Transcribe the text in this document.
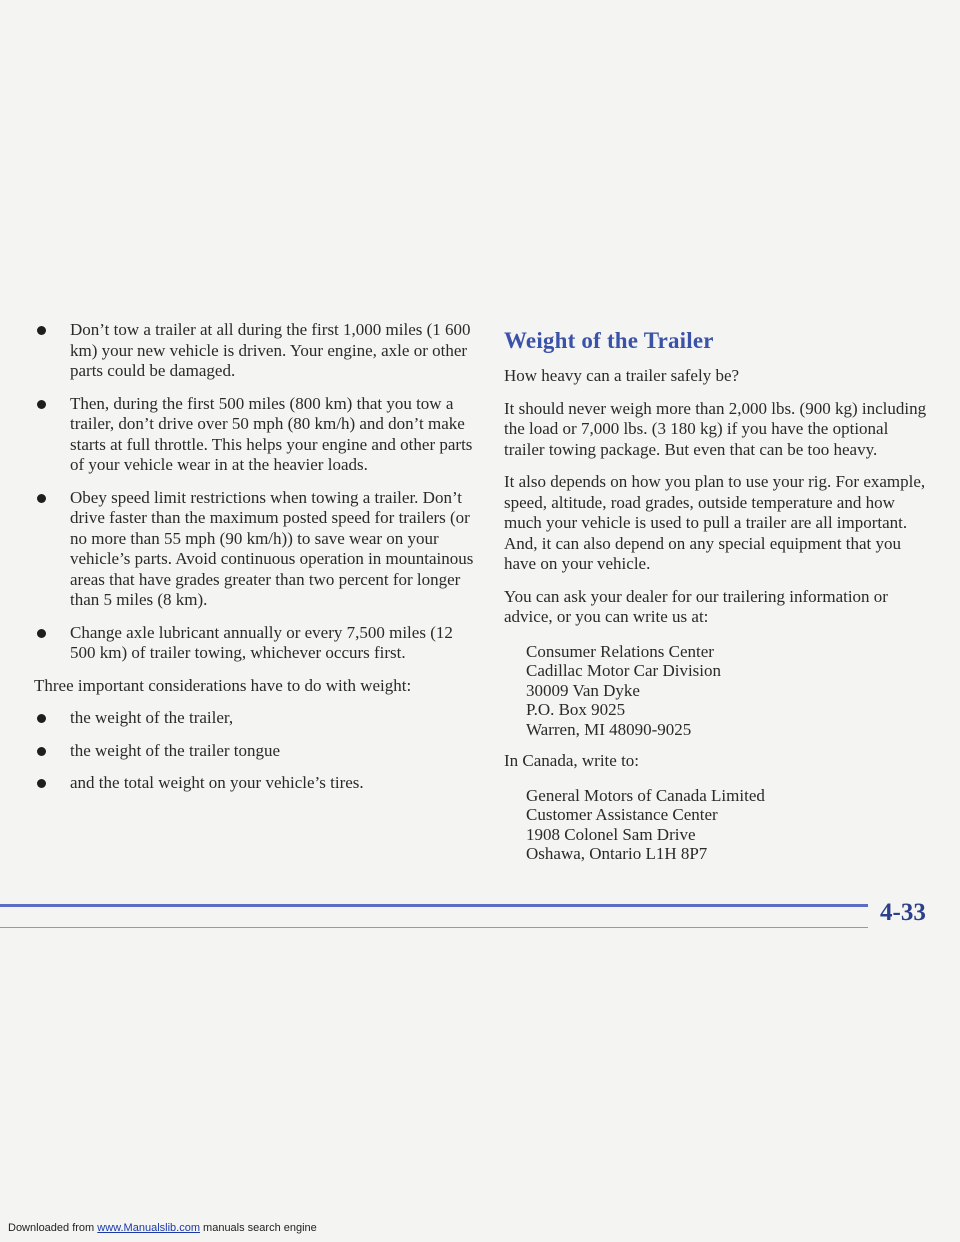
Don’t tow a trailer at all during the first 1,000 miles (1 600 km) your new vehicle is driven. Your engine, axle or other parts could be damaged.
Then, during the first 500 miles (800 km) that you tow a trailer, don’t drive over 50 mph (80 km/h) and don’t make starts at full throttle. This helps your engine and other parts of your vehicle wear in at the heavier loads.
Obey speed limit restrictions when towing a trailer. Don’t drive faster than the maximum posted speed for trailers (or no more than 55 mph (90 km/h)) to save wear on your vehicle’s parts. Avoid continuous operation in mountainous areas that have grades greater than two percent for longer than 5 miles (8 km).
Change axle lubricant annually or every 7,500 miles (12 500 km) of trailer towing, whichever occurs first.
Three important considerations have to do with weight:
the weight of the trailer,
the weight of the trailer tongue
and the total weight on your vehicle’s tires.
Weight of the Trailer
How heavy can a trailer safely be?
It should never weigh more than 2,000 lbs. (900 kg) including the load or 7,000 lbs. (3 180 kg) if you have the optional trailer towing package. But even that can be too heavy.
It also depends on how you plan to use your rig. For example, speed, altitude, road grades, outside temperature and how much your vehicle is used to pull a trailer are all important. And, it can also depend on any special equipment that you have on your vehicle.
You can ask your dealer for our trailering information or advice, or you can write us at:
Consumer Relations Center
Cadillac Motor Car Division
30009 Van Dyke
P.O. Box 9025
Warren, MI 48090-9025
In Canada, write to:
General Motors of Canada Limited
Customer Assistance Center
1908 Colonel Sam Drive
Oshawa, Ontario L1H 8P7
4-33
Downloaded from www.Manualslib.com manuals search engine
